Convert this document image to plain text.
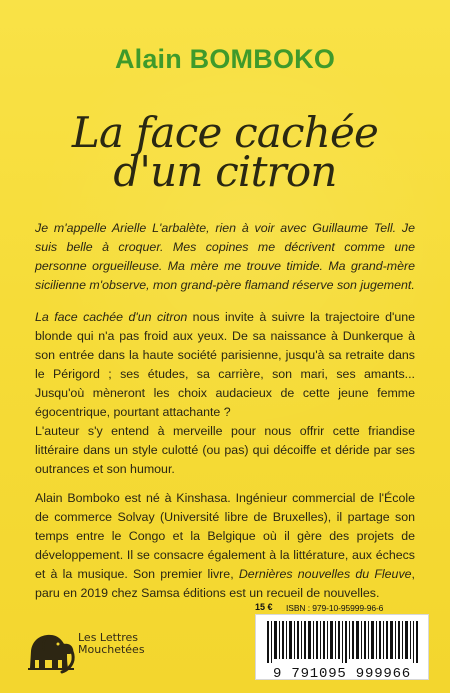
Alain BOMBOKO
La face cachée
d'un citron

Je m'appelle Arielle L'arbalète, rien à voir avec Guillaume Tell. Je suis belle à croquer. Mes copines me décrivent comme une personne orgueilleuse. Ma mère me trouve timide. Ma grand-mère sicilienne m'observe, mon grand-père flamand réserve son jugement.

La face cachée d'un citron nous invite à suivre la trajectoire d'une blonde qui n'a pas froid aux yeux. De sa naissance à Dunkerque à son entrée dans la haute société parisienne, jusqu'à sa retraite dans le Périgord ; ses études, sa carrière, son mari, ses amants... Jusqu'où mèneront les choix audacieux de cette jeune femme égocentrique, pourtant attachante ?

L'auteur s'y entend à merveille pour nous offrir cette friandise littéraire dans un style culotté (ou pas) qui décoiffe et déride par ses outrances et son humour.

Alain Bomboko est né à Kinshasa. Ingénieur commercial de l'École de commerce Solvay (Université libre de Bruxelles), il partage son temps entre le Congo et la Belgique où il gère des projets de développement. Il se consacre également à la littérature, aux échecs et à la musique. Son premier livre, Dernières nouvelles du Fleuve, paru en 2019 chez Samsa éditions est un recueil de nouvelles.

Les Lettres
Mouchetées
15 € ISBN : 979-10-95999-96-6
9 791095 999966
